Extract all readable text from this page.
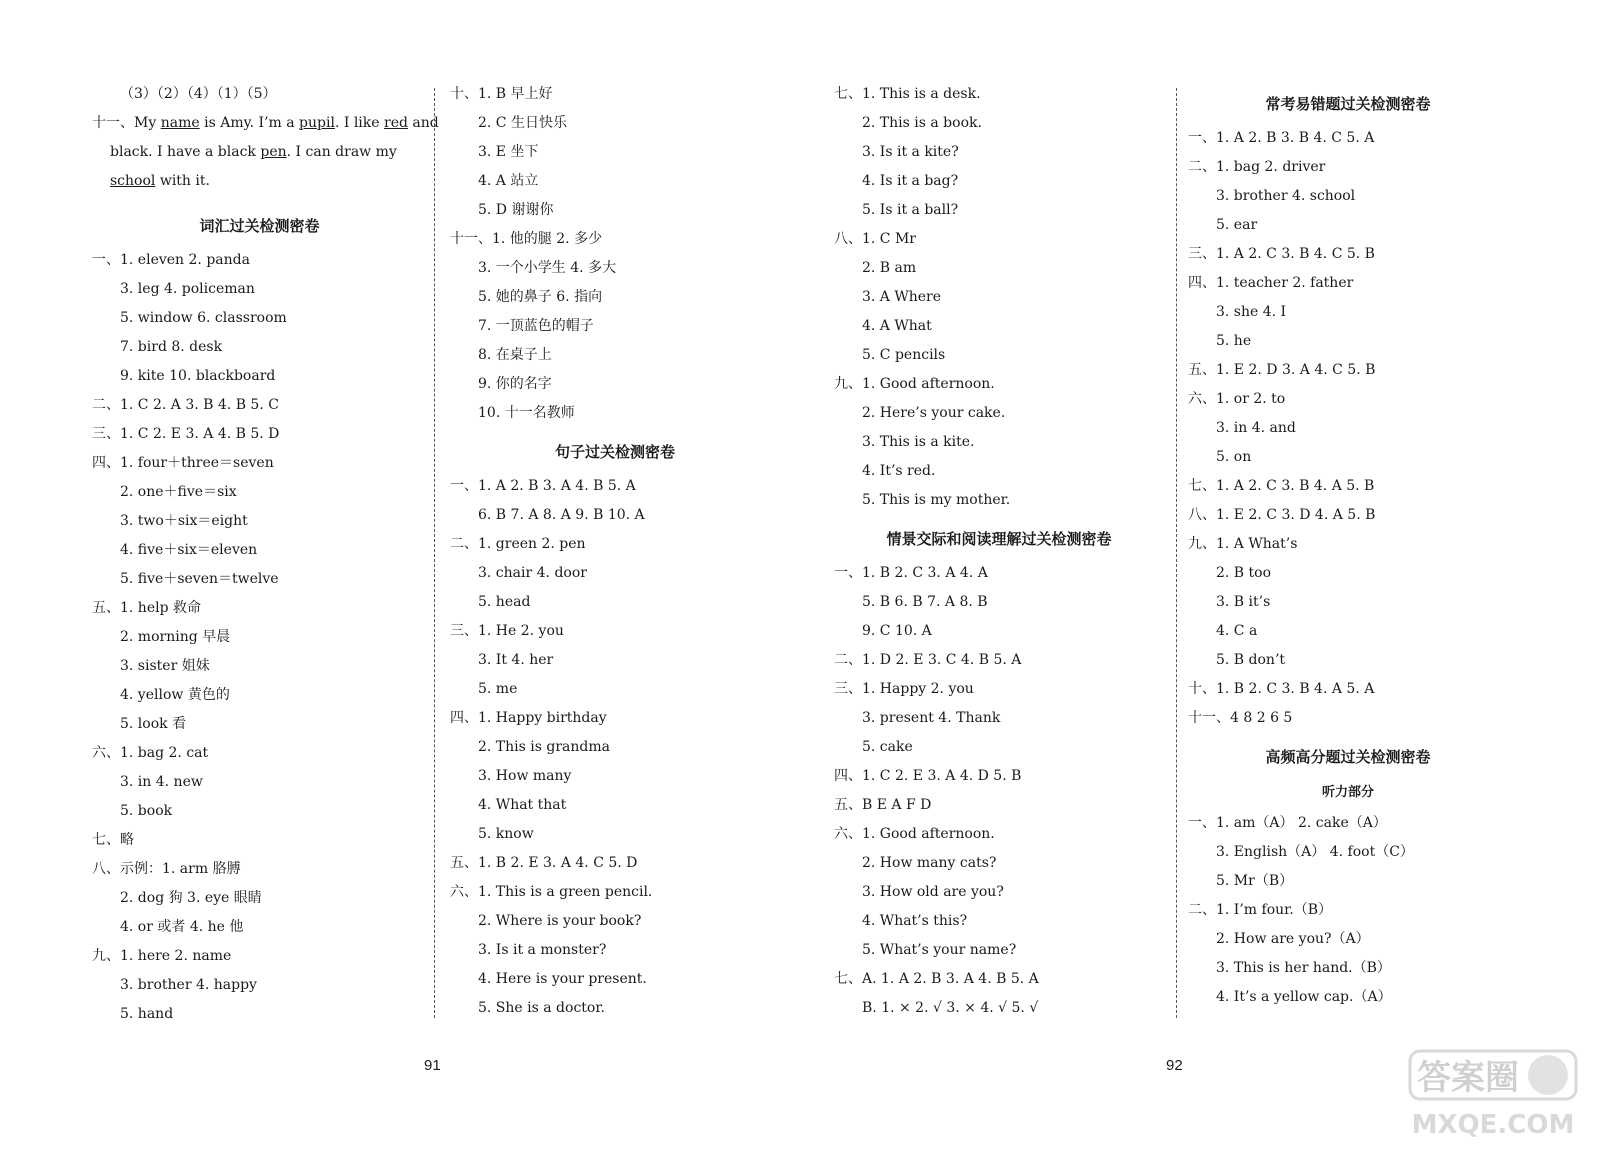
（3）（2）（4）（1）（5）
十一、My name is Amy. I’m a pupil. I like red and black. I have a black pen. I can draw my school with it.
词汇过关检测密卷
一、1. eleven 2. panda
3. leg 4. policeman
5. window 6. classroom
7. bird 8. desk
9. kite 10. blackboard
二、1. C 2. A 3. B 4. B 5. C
三、1. C 2. E 3. A 4. B 5. D
四、1. four＋three＝seven
2. one＋five＝six
3. two＋six＝eight
4. five＋six＝eleven
5. five＋seven＝twelve
五、1. help 救命
2. morning 早晨
3. sister 姐妹
4. yellow 黄色的
5. look 看
六、1. bag 2. cat
3. in 4. new
5. book
七、略
八、示例：1. arm 胳膊
2. dog 狗 3. eye 眼睛
4. or 或者 4. he 他
九、1. here 2. name
3. brother 4. happy
5. hand
十、1. B 早上好
2. C 生日快乐
3. E 坐下
4. A 站立
5. D 谢谢你
十一、1. 他的腿 2. 多少
3. 一个小学生 4. 多大
5. 她的鼻子 6. 指向
7. 一顶蓝色的帽子
8. 在桌子上
9. 你的名字
10. 十一名教师
句子过关检测密卷
一、1. A 2. B 3. A 4. B 5. A
6. B 7. A 8. A 9. B 10. A
二、1. green 2. pen
3. chair 4. door
5. head
三、1. He 2. you
3. It 4. her
5. me
四、1. Happy birthday
2. This is grandma
3. How many
4. What that
5. know
五、1. B 2. E 3. A 4. C 5. D
六、1. This is a green pencil.
2. Where is your book?
3. Is it a monster?
4. Here is your present.
5. She is a doctor.
七、1. This is a desk.
2. This is a book.
3. Is it a kite?
4. Is it a bag?
5. Is it a ball?
八、1. C Mr
2. B am
3. A Where
4. A What
5. C pencils
九、1. Good afternoon.
2. Here’s your cake.
3. This is a kite.
4. It’s red.
5. This is my mother.
情景交际和阅读理解过关检测密卷
一、1. B 2. C 3. A 4. A
5. B 6. B 7. A 8. B
9. C 10. A
二、1. D 2. E 3. C 4. B 5. A
三、1. Happy 2. you
3. present 4. Thank
5. cake
四、1. C 2. E 3. A 4. D 5. B
五、B E A F D
六、1. Good afternoon.
2. How many cats?
3. How old are you?
4. What’s this?
5. What’s your name?
七、A. 1. A 2. B 3. A 4. B 5. A
B. 1. × 2. √ 3. × 4. √ 5. √
常考易错题过关检测密卷
一、1. A 2. B 3. B 4. C 5. A
二、1. bag 2. driver
3. brother 4. school
5. ear
三、1. A 2. C 3. B 4. C 5. B
四、1. teacher 2. father
3. she 4. I
5. he
五、1. E 2. D 3. A 4. C 5. B
六、1. or 2. to
3. in 4. and
5. on
七、1. A 2. C 3. B 4. A 5. B
八、1. E 2. C 3. D 4. A 5. B
九、1. A What’s
2. B too
3. B it’s
4. C a
5. B don’t
十、1. B 2. C 3. B 4. A 5. A
十一、4 8 2 6 5
高频高分题过关检测密卷
听力部分
一、1. am（A） 2. cake（A）
3. English（A） 4. foot（C）
5. Mr（B）
二、1. I’m four.（B）
2. How are you?（A）
3. This is her hand.（B）
4. It’s a yellow cap.（A）
91	92	答案圈
MXQE.COM
